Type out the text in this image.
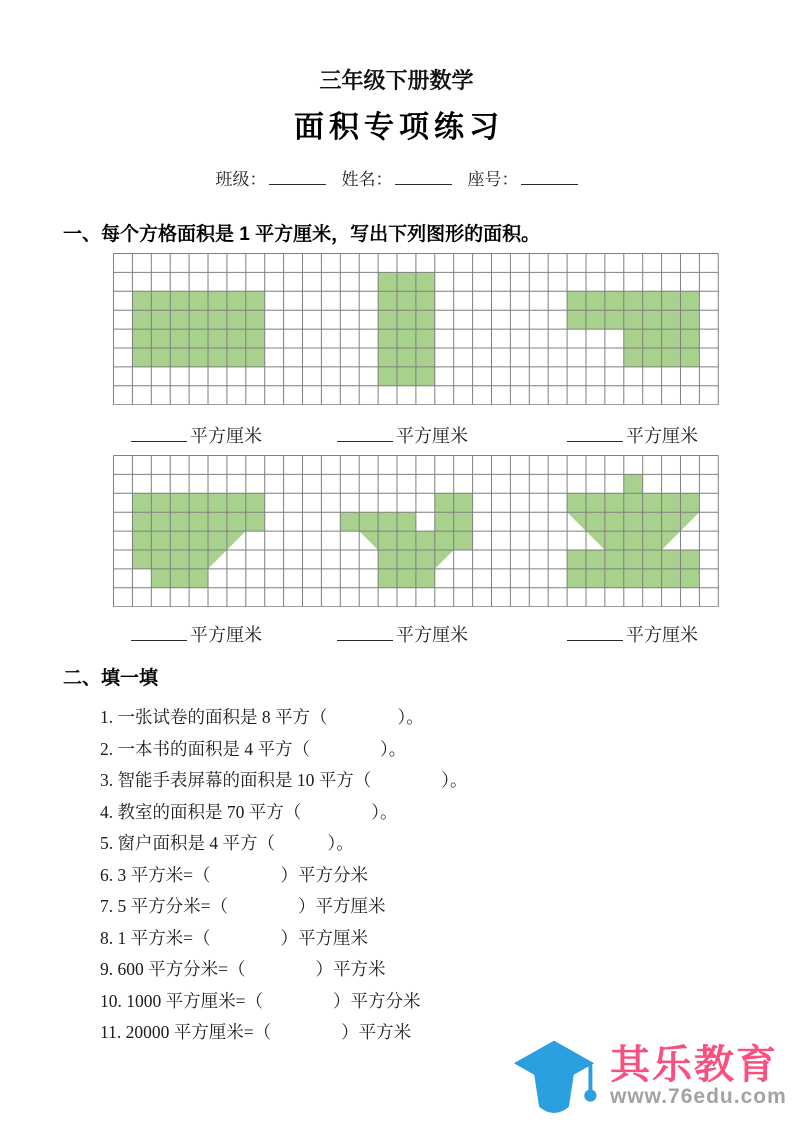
三年级下册数学
面积专项练习
班级：	姓名：	座号：
一、每个方格面积是 1 平方厘米，写出下列图形的面积。
平方厘米	平方厘米	平方厘米
平方厘米	平方厘米	平方厘米
二、填一填
1. 一张试卷的面积是 8 平方（　　　　）。
2. 一本书的面积是 4 平方（　　　　）。
3. 智能手表屏幕的面积是 10 平方（　　　　）。
4. 教室的面积是 70 平方（　　　　）。
5. 窗户面积是 4 平方（　　　）。
6. 3 平方米=（　　　　）平方分米
7. 5 平方分米=（　　　　）平方厘米
8. 1 平方米=（　　　　）平方厘米
9. 600 平方分米=（　　　　）平方米
10. 1000 平方厘米=（　　　　）平方分米
11. 20000 平方厘米=（　　　　）平方米
其乐教育
www.76edu.com
